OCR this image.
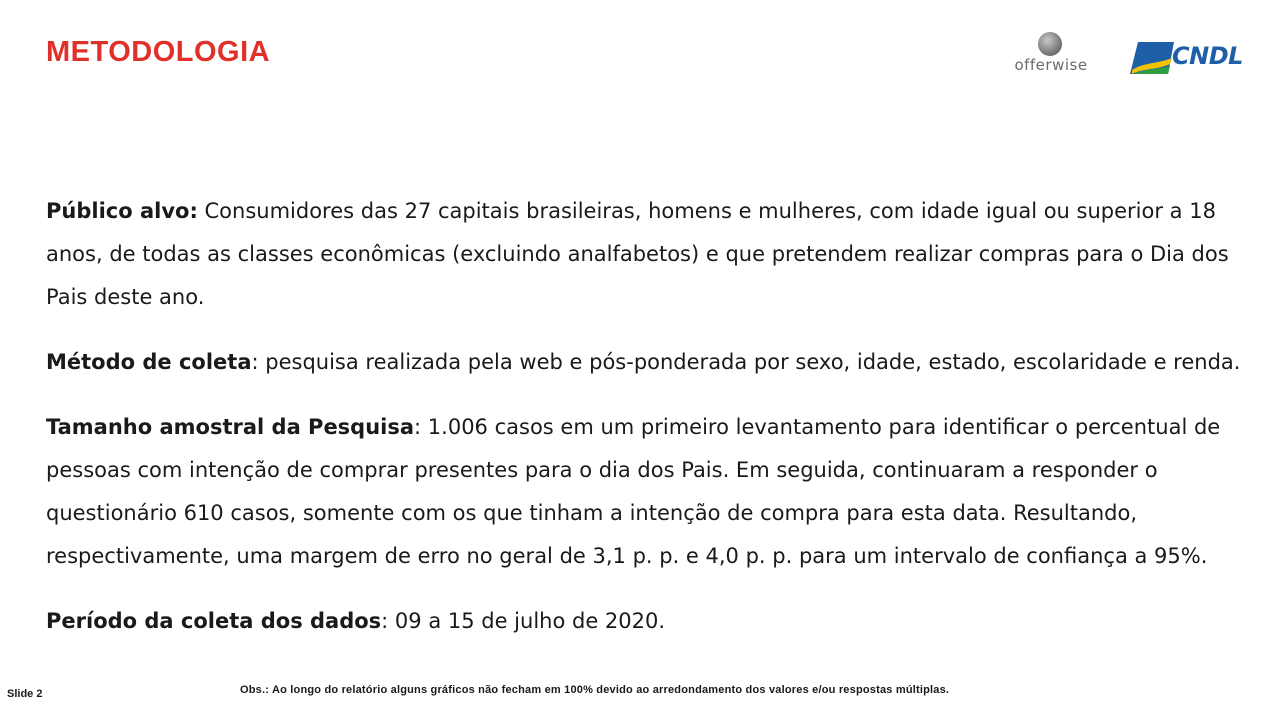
METODOLOGIA	offerwise	CNDL

Público alvo: Consumidores das 27 capitais brasileiras, homens e mulheres, com idade igual ou superior a 18 anos, de todas as classes econômicas (excluindo analfabetos) e que pretendem realizar compras para o Dia dos Pais deste ano.

Método de coleta: pesquisa realizada pela web e pós-ponderada por sexo, idade, estado, escolaridade e renda.

Tamanho amostral da Pesquisa: 1.006 casos em um primeiro levantamento para identificar o percentual de pessoas com intenção de comprar presentes para o dia dos Pais. Em seguida, continuaram a responder o questionário 610 casos, somente com os que tinham a intenção de compra para esta data. Resultando, respectivamente, uma margem de erro no geral de 3,1 p. p. e 4,0 p. p. para um intervalo de confiança a 95%.

Período da coleta dos dados: 09 a 15 de julho de 2020.

Slide 2	Obs.: Ao longo do relatório alguns gráficos não fecham em 100% devido ao arredondamento dos valores e/ou respostas múltiplas.
